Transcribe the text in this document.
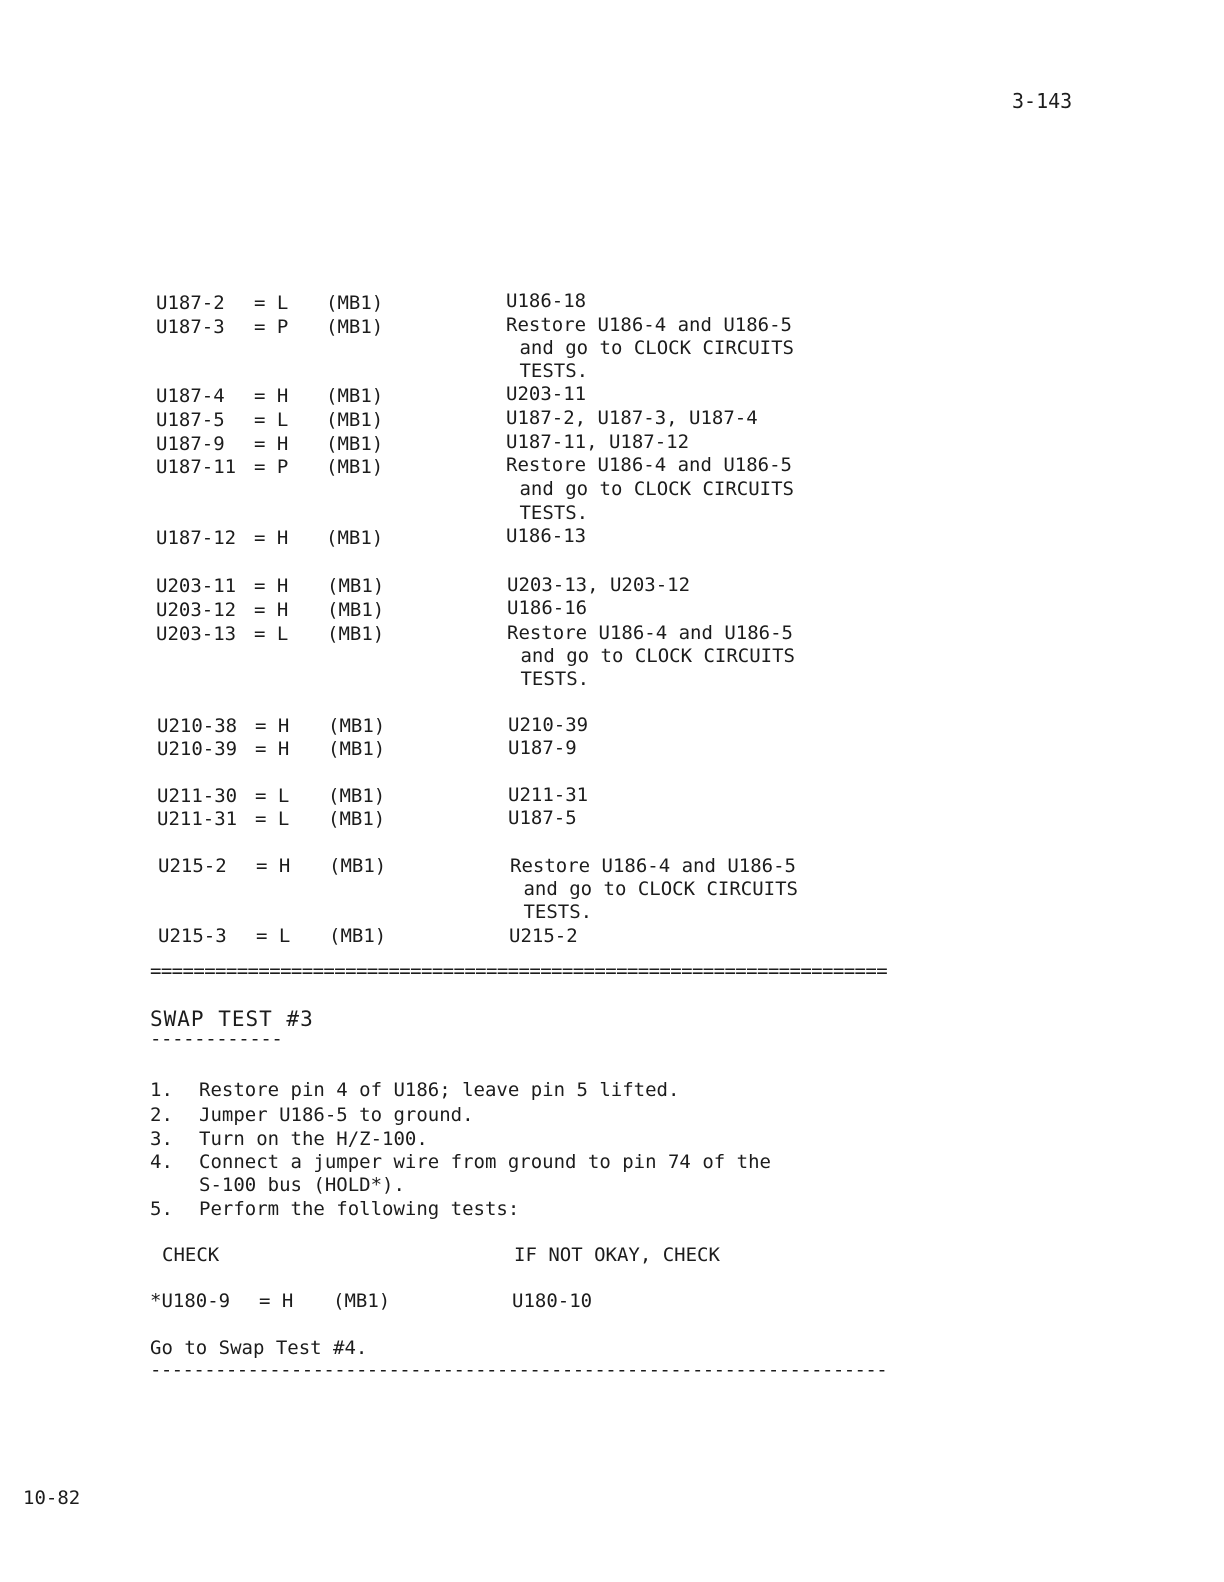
3-143
U187-2 = L (MB1)	U186-18
U187-3 = P (MB1)	Restore U186-4 and U186-5
and go to CLOCK CIRCUITS
TESTS.
U187-4 = H (MB1)	U203-11
U187-5 = L (MB1)	U187-2, U187-3, U187-4
U187-9 = H (MB1)	U187-11, U187-12
U187-11 = P (MB1)	Restore U186-4 and U186-5
and go to CLOCK CIRCUITS
TESTS.
U187-12 = H (MB1)	U186-13
U203-11 = H (MB1)	U203-13, U203-12
U203-12 = H (MB1)	U186-16
U203-13 = L (MB1)	Restore U186-4 and U186-5
and go to CLOCK CIRCUITS
TESTS.
U210-38 = H (MB1)	U210-39
U210-39 = H (MB1)	U187-9
U211-30 = L (MB1)	U211-31
U211-31 = L (MB1)	U187-5
U215-2 = H (MB1)	Restore U186-4 and U186-5
and go to CLOCK CIRCUITS
TESTS.
U215-3 = L (MB1)	U215-2
====================================================================
SWAP TEST #3
------------
1. Restore pin 4 of U186; leave pin 5 lifted.
2. Jumper U186-5 to ground.
3. Turn on the H/Z-100.
4. Connect a jumper wire from ground to pin 74 of the
S-100 bus (HOLD*).
5. Perform the following tests:
CHECK	IF NOT OKAY, CHECK
*U180-9 = H (MB1)	U180-10
Go to Swap Test #4.
--------------------------------------------------------------------
10-82
